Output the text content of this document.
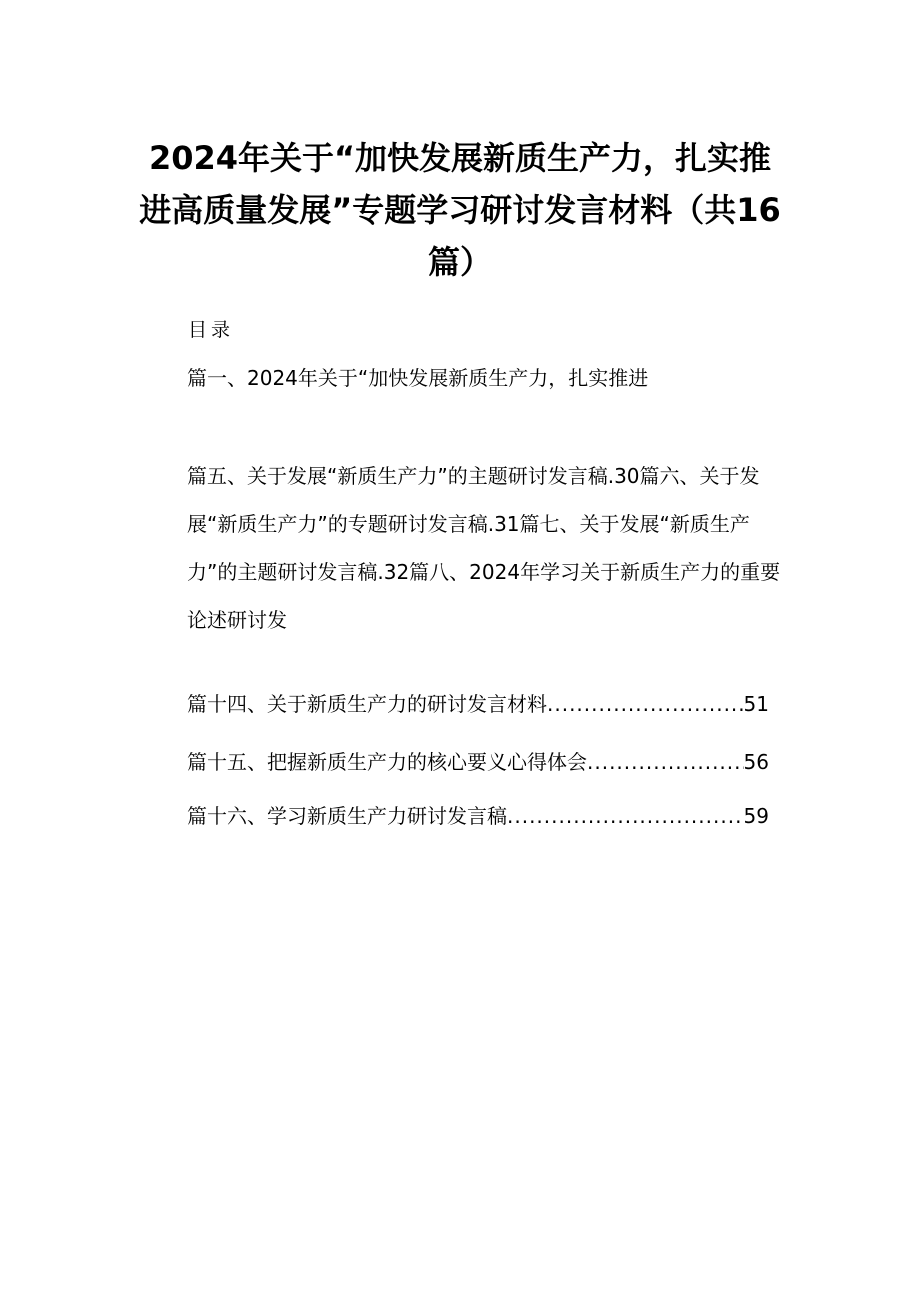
2024年关于“加快发展新质生产力，扎实推进高质量发展”专题学习研讨发言材料（共16篇）
目录
篇一、2024年关于“加快发展新质生产力，扎实推进
篇五、关于发展“新质生产力”的主题研讨发言稿.30篇六、关于发展“新质生产力”的专题研讨发言稿.31篇七、关于发展“新质生产力”的主题研讨发言稿.32篇八、2024年学习关于新质生产力的重要论述研讨发
篇十四、关于新质生产力的研讨发言材料 .....	51
篇十五、把握新质生产力的核心要义心得体会 .....	56
篇十六、学习新质生产力研讨发言稿 .....	59
